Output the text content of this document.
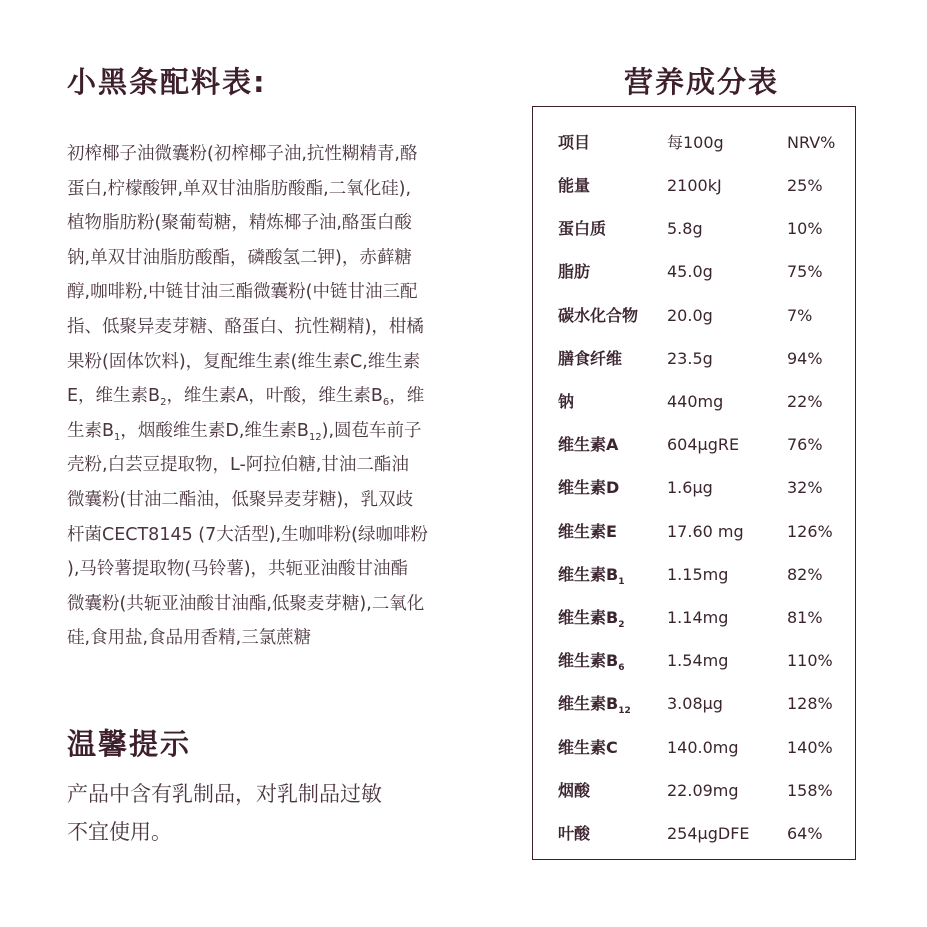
小黑条配料表:
初榨椰子油微囊粉(初榨椰子油,抗性糊精青,酪
蛋白,柠檬酸钾,单双甘油脂肪酸酯,二氧化硅),
植物脂肪粉(聚葡萄糖，精炼椰子油,酪蛋白酸
钠,单双甘油脂肪酸酯，磷酸氢二钾)，赤藓糖
醇,咖啡粉,中链甘油三酯微囊粉(中链甘油三配
指、低聚异麦芽糖、酪蛋白、抗性糊精)，柑橘
果粉(固体饮料)，复配维生素(维生素C,维生素
E，维生素$B_2$，维生素A，叶酸，维生素$B_6$，维
生素$B_1$，烟酸维生素D,维生素$B_{12}$),圆苞车前子
壳粉,白芸豆提取物，L-阿拉伯糖,甘油二酯油
微囊粉(甘油二酯油，低聚异麦芽糖)，乳双歧
杆菌CECT8145 (7大活型),生咖啡粉(绿咖啡粉
),马铃薯提取物(马铃薯)，共轭亚油酸甘油酯
微囊粉(共轭亚油酸甘油酯,低聚麦芽糖),二氧化
硅,食用盐,食品用香精,三氯蔗糖
温馨提示
产品中含有乳制品，对乳制品过敏
不宜使用。
营养成分表
项目	每100g	NRV%
能量	2100kJ	25%
蛋白质	5.8g	10%
脂肪	45.0g	75%
碳水化合物 20.0g	7%
膳食纤维	23.5g	94%
钠	440mg	22%
维生素A	604μgRE	76%
维生素D	1.6μg	32%
维生素E	17.60 mg	126%
维生素$B_1$	1.15mg	82%
维生素$B_2$	1.14mg	81%
维生素$B_6$	1.54mg	110%
维生素$B_{12}$ 3.08μg	128%
维生素C	140.0mg	140%
烟酸	22.09mg	158%
叶酸	254μgDFE 64%
